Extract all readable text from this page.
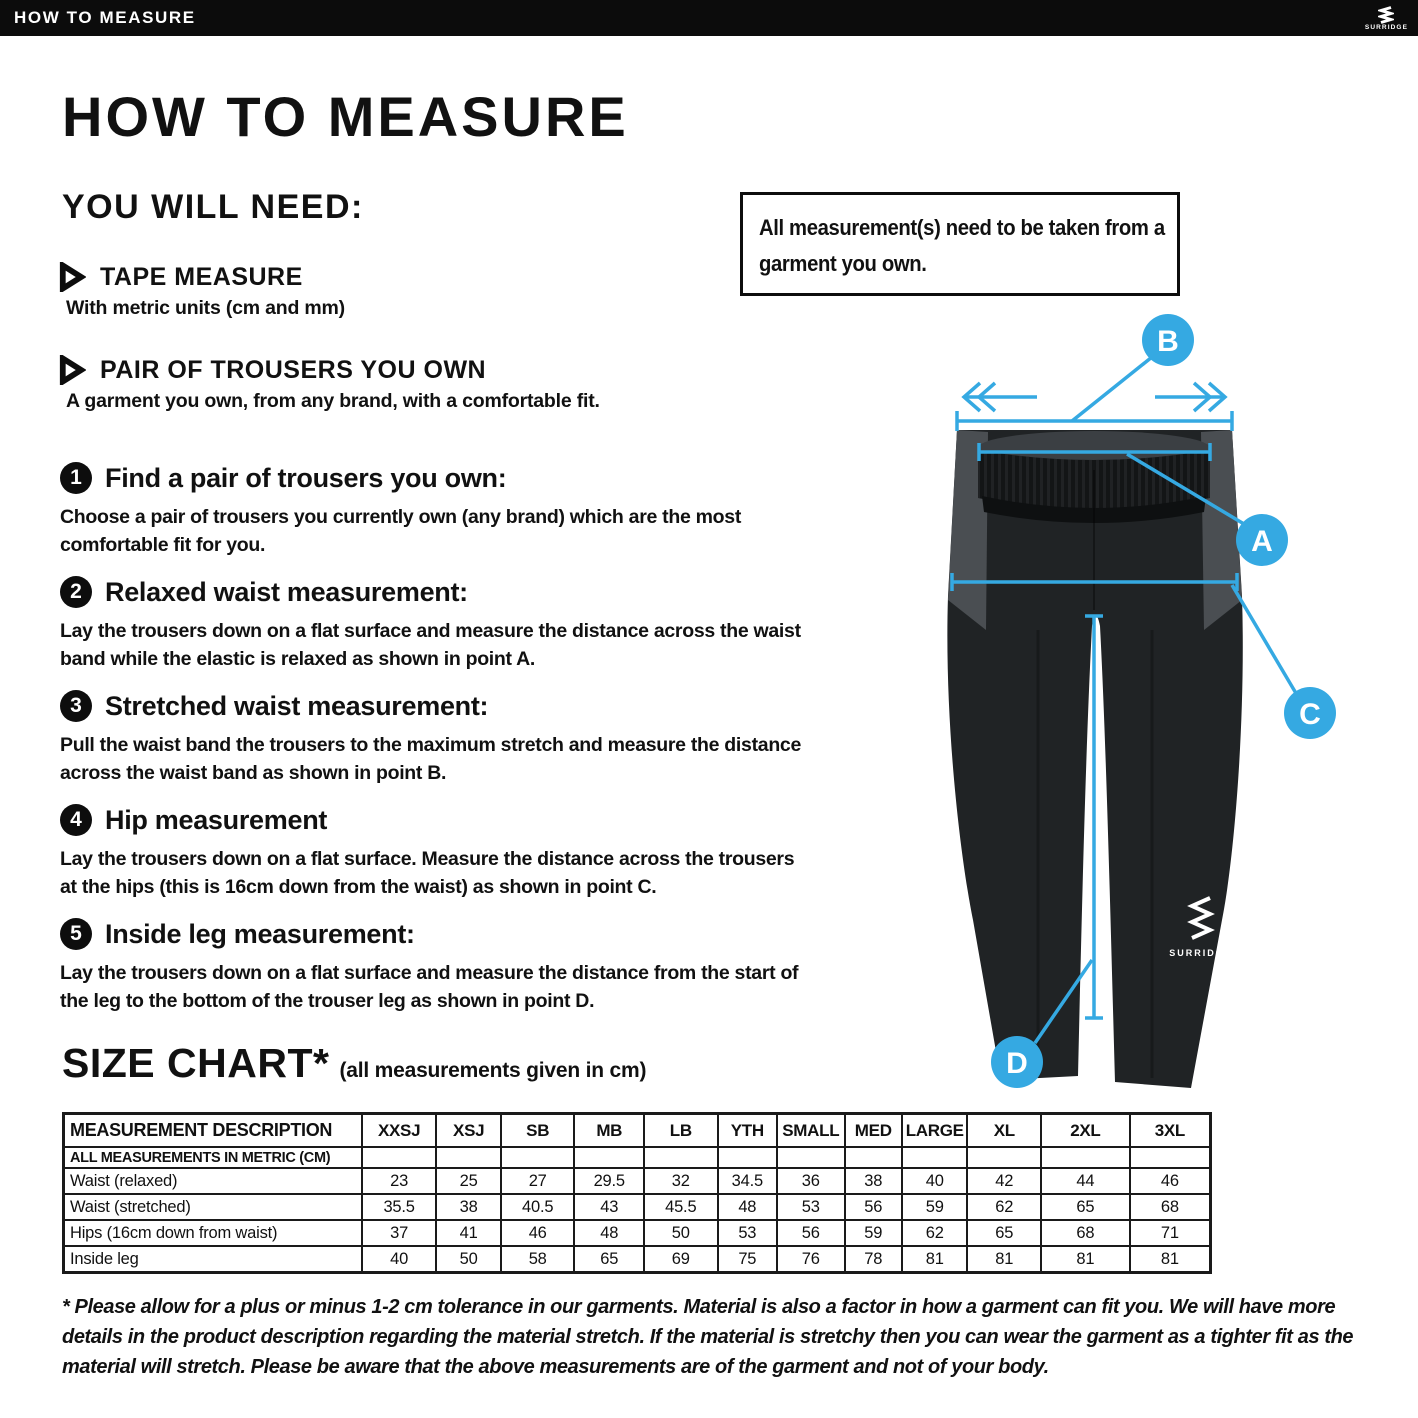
HOW TO MEASURE
SURRIDGE
HOW TO MEASURE
YOU WILL NEED:
TAPE MEASURE
With metric units (cm and mm)
PAIR OF TROUSERS YOU OWN
A garment you own, from any brand, with a comfortable fit.
All measurement(s) need to be taken from a garment you own.
1 Find a pair of trousers you own:
Choose a pair of trousers you currently own (any brand) which are the most comfortable fit for you.
2 Relaxed waist measurement:
Lay the trousers down on a flat surface and measure the distance across the waist band while the elastic is relaxed as shown in point A.
3 Stretched waist measurement:
Pull the waist band the trousers to the maximum stretch and measure the distance across the waist band as shown in point B.
4 Hip measurement
Lay the trousers down on a flat surface. Measure the distance across the trousers at the hips (this is 16cm down from the waist) as shown in point C.
5 Inside leg measurement:
Lay the trousers down on a flat surface and measure the distance from the start of the leg to the bottom of the trouser leg as shown in point D.
SURRIDGE
B
A
C
D
SIZE CHART* (all measurements given in cm)
MEASUREMENT DESCRIPTION	XXSJ	XSJ	SB	MB	LB	YTH	SMALL	MED	LARGE	XL	2XL	3XL
ALL MEASUREMENTS IN METRIC (CM)												
Waist (relaxed)	23	25	27	29.5	32	34.5	36	38	40	42	44	46
Waist (stretched)	35.5	38	40.5	43	45.5	48	53	56	59	62	65	68
Hips (16cm down from waist)	37	41	46	48	50	53	56	59	62	65	68	71
Inside leg	40	50	58	65	69	75	76	78	81	81	81	81
* Please allow for a plus or minus 1-2 cm tolerance in our garments. Material is also a factor in how a garment can fit you. We will have more details in the product description regarding the material stretch. If the material is stretchy then you can wear the garment as a tighter fit as the material will stretch. Please be aware that the above measurements are of the garment and not of your body.
